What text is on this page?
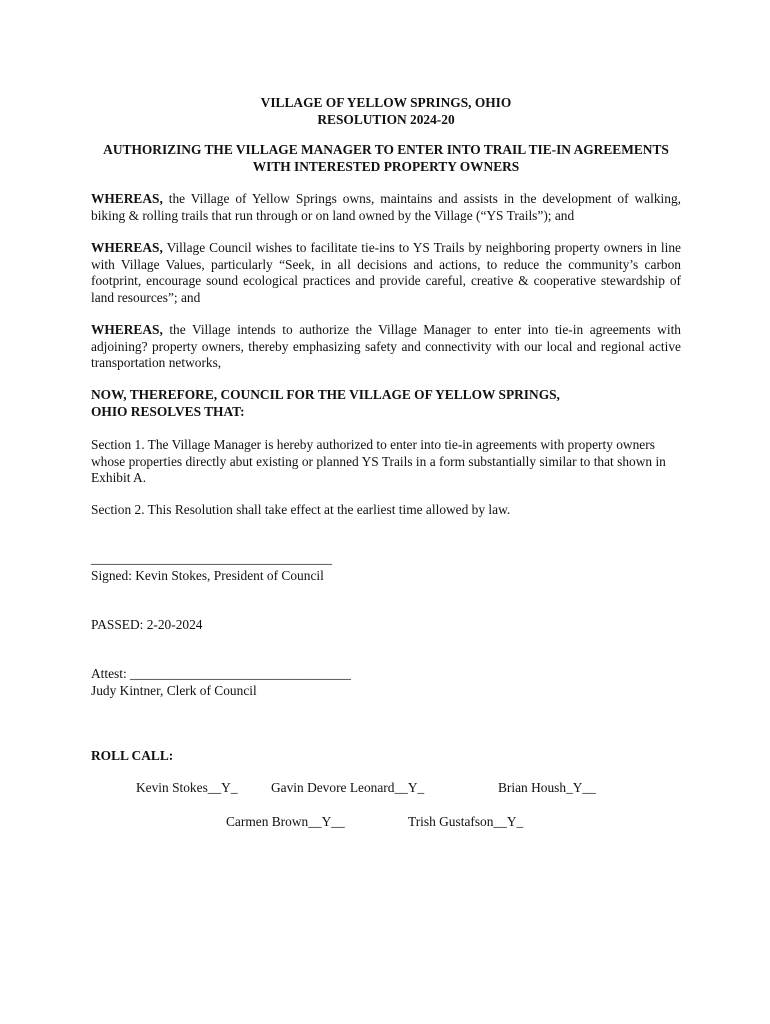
VILLAGE OF YELLOW SPRINGS, OHIO
RESOLUTION 2024-20
AUTHORIZING THE VILLAGE MANAGER TO ENTER INTO TRAIL TIE-IN AGREEMENTS
WITH INTERESTED PROPERTY OWNERS
WHEREAS, the Village of Yellow Springs owns, maintains and assists in the development of walking, biking & rolling trails that run through or on land owned by the Village (“YS Trails”); and
WHEREAS, Village Council wishes to facilitate tie-ins to YS Trails by neighboring property owners in line with Village Values, particularly “Seek, in all decisions and actions, to reduce the community’s carbon footprint, encourage sound ecological practices and provide careful, creative & cooperative stewardship of land resources”; and
WHEREAS, the Village intends to authorize the Village Manager to enter into tie-in agreements with adjoining? property owners, thereby emphasizing safety and connectivity with our local and regional active transportation networks,
NOW, THEREFORE, COUNCIL FOR THE VILLAGE OF YELLOW SPRINGS,
OHIO RESOLVES THAT:
Section 1. The Village Manager is hereby authorized to enter into tie-in agreements with property owners whose properties directly abut existing or planned YS Trails in a form substantially similar to that shown in Exhibit A.
Section 2. This Resolution shall take effect at the earliest time allowed by law.
____________________________________
Signed: Kevin Stokes, President of Council
PASSED: 2-20-2024
Attest: _________________________________
Judy Kintner, Clerk of Council
ROLL CALL:
Kevin Stokes__Y_ Gavin Devore Leonard__Y_	Brian Housh_Y__
Carmen Brown__Y__	Trish Gustafson__Y_
